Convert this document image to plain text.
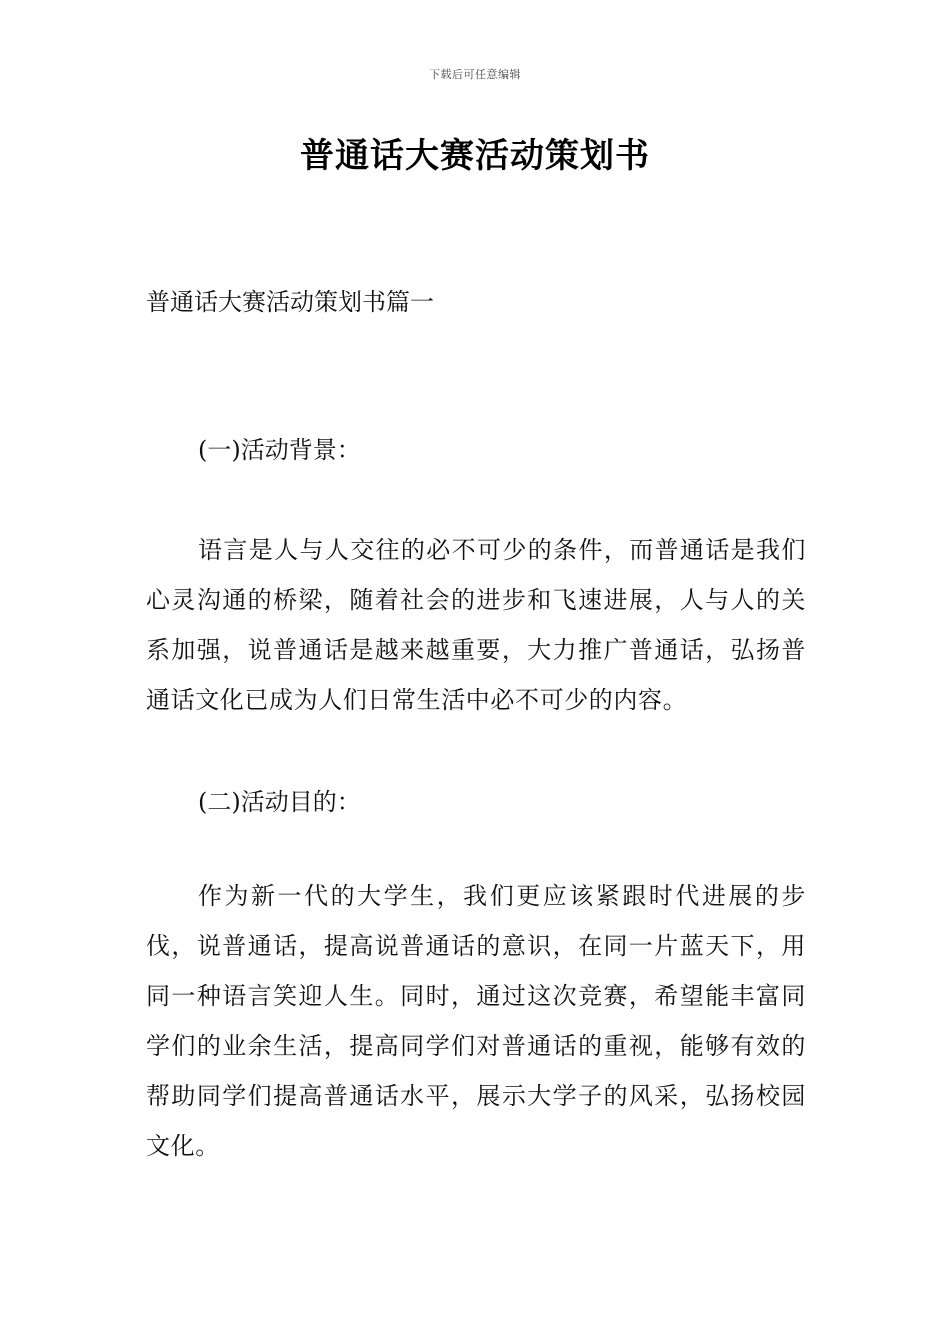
下载后可任意编辑
普通话大赛活动策划书
普通话大赛活动策划书篇一
(一)活动背景：
语言是人与人交往的必不可少的条件，而普通话是我们心灵沟通的桥梁，随着社会的进步和飞速进展，人与人的关系加强，说普通话是越来越重要，大力推广普通话，弘扬普通话文化已成为人们日常生活中必不可少的内容。
(二)活动目的：
作为新一代的大学生，我们更应该紧跟时代进展的步伐，说普通话，提高说普通话的意识，在同一片蓝天下，用同一种语言笑迎人生。同时，通过这次竞赛，希望能丰富同学们的业余生活，提高同学们对普通话的重视，能够有效的帮助同学们提高普通话水平，展示大学子的风采，弘扬校园文化。
